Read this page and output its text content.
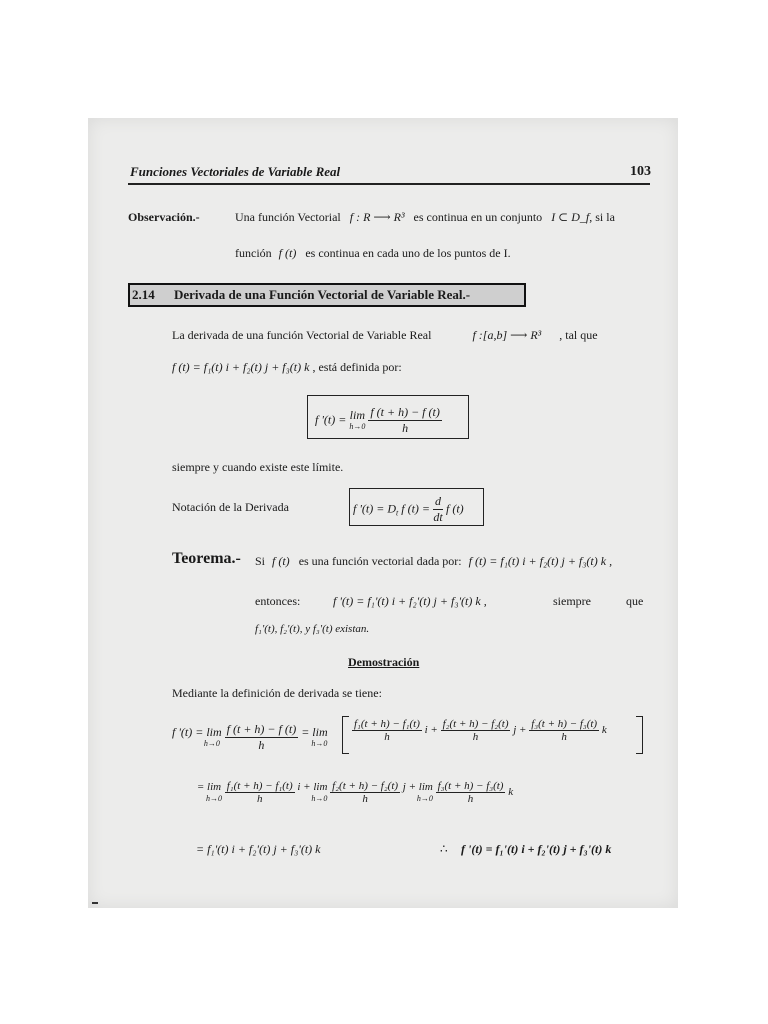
Funciones Vectoriales de Variable Real	103
Observación.-	Una función Vectorial f : R ⟶ R³ es continua en un conjunto I ⊂ D_f, si la
función f (t) es continua en cada uno de los puntos de I.
2.14 Derivada de una Función Vectorial de Variable Real.-
La derivada de una función Vectorial de Variable Real	f :[a,b] ⟶ R³ , tal que
f (t) = f₁(t) i + f₂(t) j + f₃(t) k , está definida por:
f '(t) = lim
h→0
$\frac{f (t + h) - f (t)}{h}$
siempre y cuando existe este límite.
Notación de la Derivada	f '$(t) = D_t$ f $(t) = \frac{d}{dt}$ f (t)
Teorema.- Si f (t) es una función vectorial dada por: f (t) = f₁(t) i + f₂(t) j + f₃(t) k ,
entonces:	f '(t) = f₁'(t) i + f₂'(t) j + f₃'(t) k ,	siempre	que
f₁'(t), f₂'(t), y f₃'(t) existan.
Demostración
Mediante la definición de derivada se tiene:
f '(t) = lim
h→0
$\frac{f (t + h) - f (t)}{h}$
= lim
$h\to 0 \frac{\text{f₁(t + h) − f₁(t)}}{h}$ $i + \frac{\text{f₂(t + h) − f₂(t)}}{h}$ $j + \frac{\text{f₃(t + h) − f₃(t)}}{h}$ k
= lim
h→0
$\frac{\text{f₁(t + h) − f₁(t)}}{h}$
i + lim
h→0
$\frac{\text{f₂(t + h) − f₂(t)}}{h}$
j + lim
h→0
$\frac{\text{f₃(t + h) − f₃(t)}}{h}$ k
= f₁'(t) i + f₂'(t) j + f₃'(t) k	∴ f '(t) = f₁'(t) i + f₂'(t) j + f₃'(t) k
